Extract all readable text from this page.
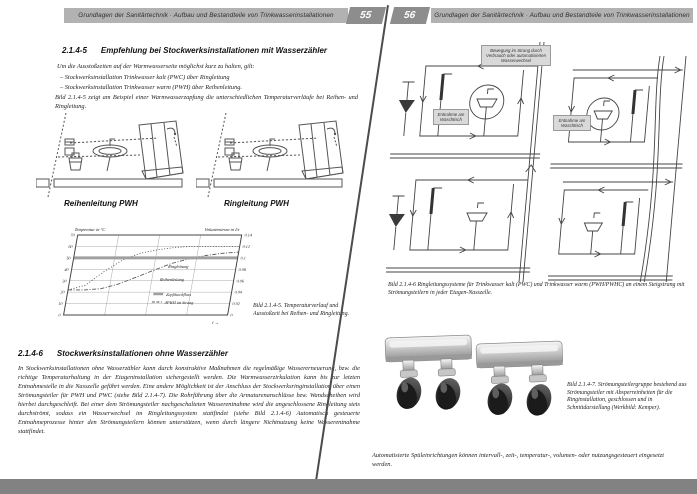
Grundlagen der Sanitärtechnik · Aufbau und Bestandteile von Trinkwasserinstallationen	55	56	Grundlagen der Sanitärtechnik · Aufbau und Bestandteile von Trinkwasserinstallationen
2.1.4-5 Empfehlung bei Stockwerksinstallationen mit Wasserzähler
Um die Ausstoßzeiten auf der Warmwasserseite möglichst kurz zu halten, gilt:
– Stockwerksinstallation Trinkwasser kalt (PWC) über Ringleitung
– Stockwerksinstallation Trinkwasser warm (PWH) über Reihenleitung.
Bild 2.1.4-5 zeigt am Beispiel einer Warmwasserzapfung die unterschiedlichen Temperaturverläufe bei Reihen- und Ringleitung.
Reihenleitung PWH	Ringleitung PWH
Temperatur in °C	Volumenstrom in l/s
70
60
50
40
30
20
10
0
0.14
0.12
0.1
0.08
0.06
0.04
0.02
0
Ringleitung
Reihenleitung
Zapfdurchfluss
ϑPWH im Strang
t →
Bild 2.1.4-5. Temperaturverlauf und Ausstoßzeit bei Reihen- und Ringleitung.
2.1.4-6 Stockwerksinstallationen ohne Wasserzähler
In Stockwerksinstallationen ohne Wasserzähler kann durch konstruktive Maßnahmen die regelmäßige Wassererneuerung, bzw. die richtige Temperaturhaltung in der Etageninstallation sichergestellt werden. Die Warmwasserzirkulation kann bis zur letzten Entnahmestelle in die Nasszelle geführt werden. Eine andere Möglichkeit ist der Anschluss der Stockwerksringinstallation über einen Strömungsteiler für PWH und PWC (siehe Bild 2.1.4-7). Die Rohrführung über die Armaturenanschlüsse bzw. Wandscheiben wird hierbei durchgeschleift. Bei einer dem Strömungsteiler nachgeschalteten Wasserentnahme wird die angeschlossene Ringleitung stets durchströmt, sodass ein Wasserwechsel im Ringleitungssystem stattfindet (siehe Bild 2.1.4-6) Automatisch gesteuerte Entnahmeprozesse hinter den Strömungsteilern können unterstützen, wenn durch längere Nichtnutzung keine Wasserentnahme stattfindet.
Bewegung im Strang durch Verbrauch oder automatisierten Wasserwechsel
Entnahme am Waschtisch	Entnahme am Waschtisch
Bild 2.1.4-6 Ringleitungssysteme für Trinkwasser kalt (PWC) und Trinkwasser warm (PWH/PWHC) an einem Steigstrang mit Strömungsteilern in jeder Etagen-Nasszelle.
Bild 2.1.4-7. Strömungsteilergruppe bestehend aus Strömungsteiler mit Absperreinheiten für die Ringinstallation, geschlossen und in Schnittdarstellung (Werkbild: Kemper).
Automatisierte Spüleinrichtungen können intervall-, zeit-, temperatur-, volumen- oder nutzungsgesteuert eingesetzt werden.
